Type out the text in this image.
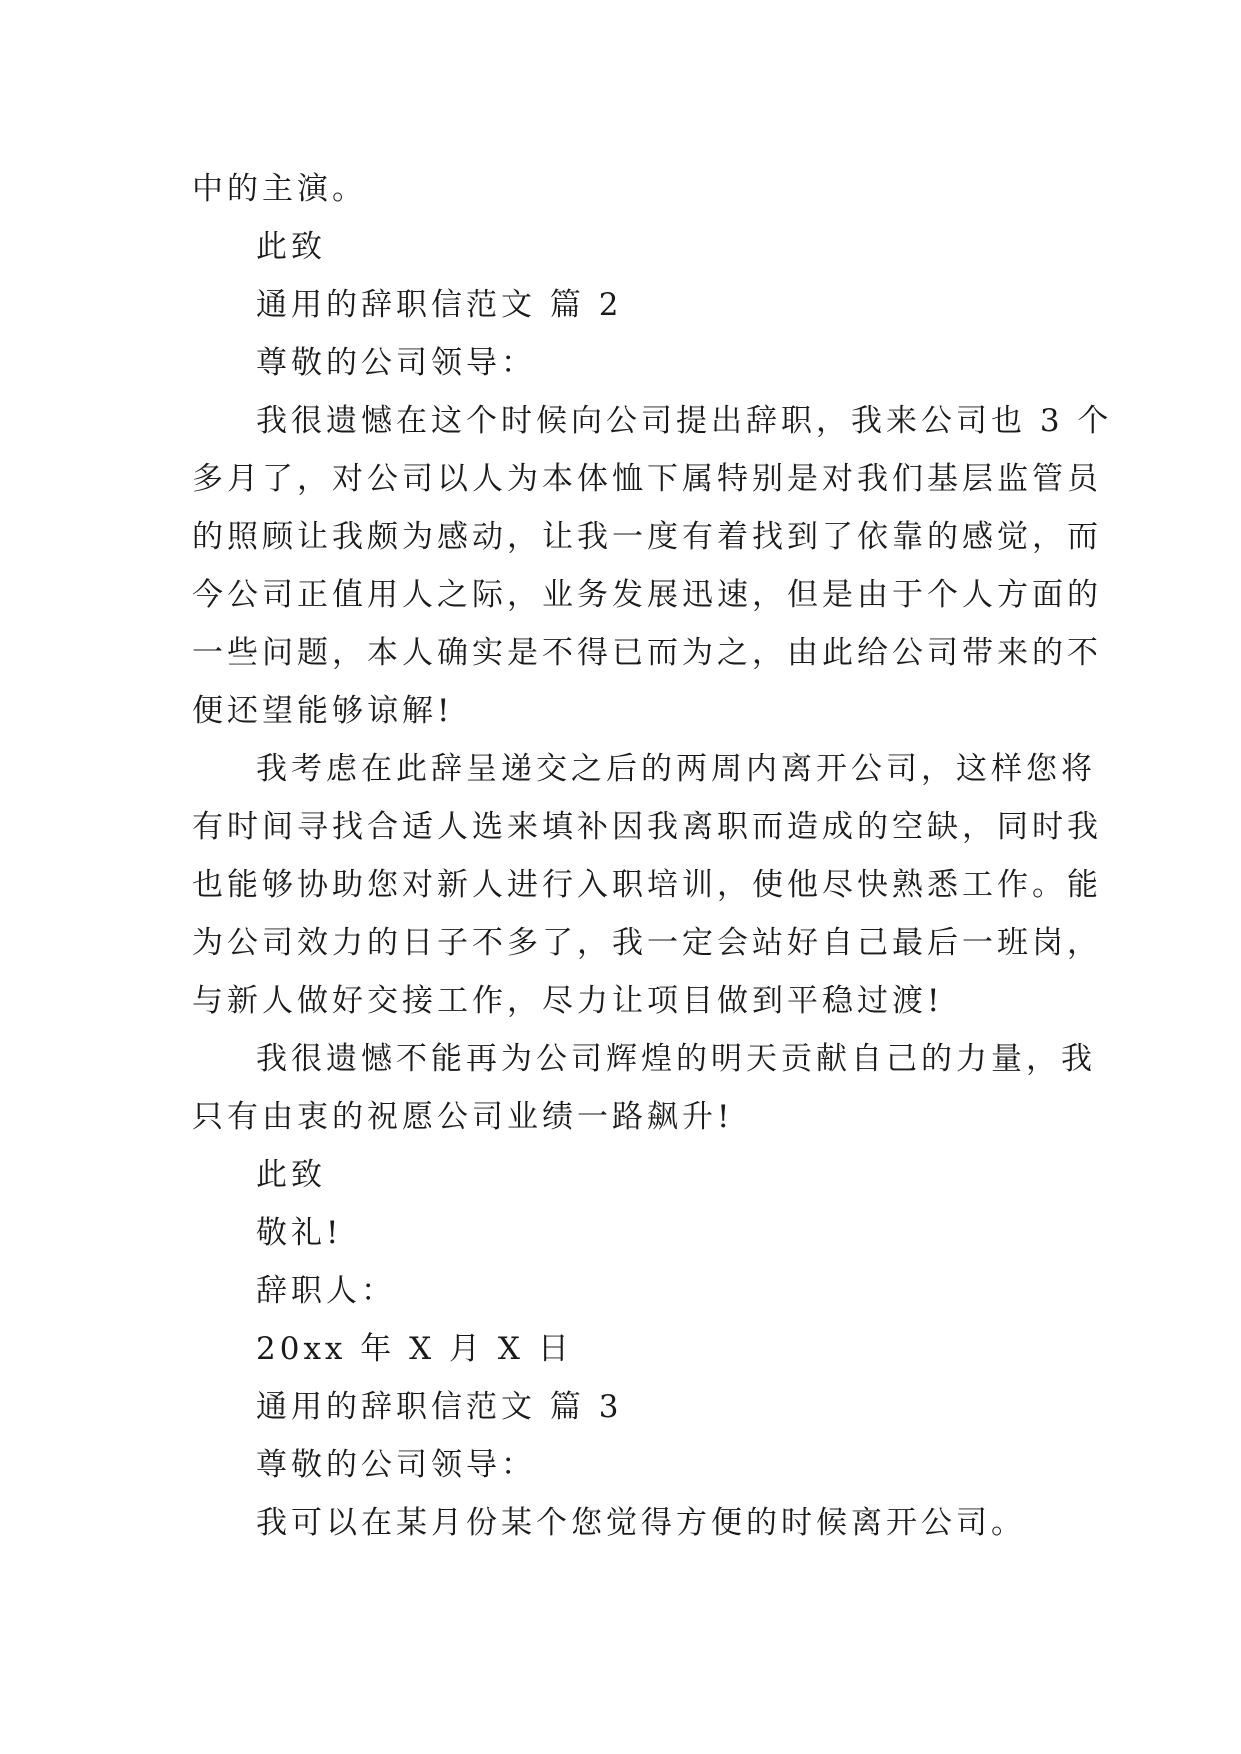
中的主演。
此致
通用的辞职信范文 篇 2
尊敬的公司领导：
我很遗憾在这个时候向公司提出辞职，我来公司也 3 个
多月了，对公司以人为本体恤下属特别是对我们基层监管员
的照顾让我颇为感动，让我一度有着找到了依靠的感觉，而
今公司正值用人之际，业务发展迅速，但是由于个人方面的
一些问题，本人确实是不得已而为之，由此给公司带来的不
便还望能够谅解!
我考虑在此辞呈递交之后的两周内离开公司，这样您将
有时间寻找合适人选来填补因我离职而造成的空缺，同时我
也能够协助您对新人进行入职培训，使他尽快熟悉工作。能
为公司效力的日子不多了，我一定会站好自己最后一班岗，
与新人做好交接工作，尽力让项目做到平稳过渡!
我很遗憾不能再为公司辉煌的明天贡献自己的力量，我
只有由衷的祝愿公司业绩一路飙升!
此致
敬礼!
辞职人：
20xx 年 X 月 X 日
通用的辞职信范文 篇 3
尊敬的公司领导：
我可以在某月份某个您觉得方便的时候离开公司。
